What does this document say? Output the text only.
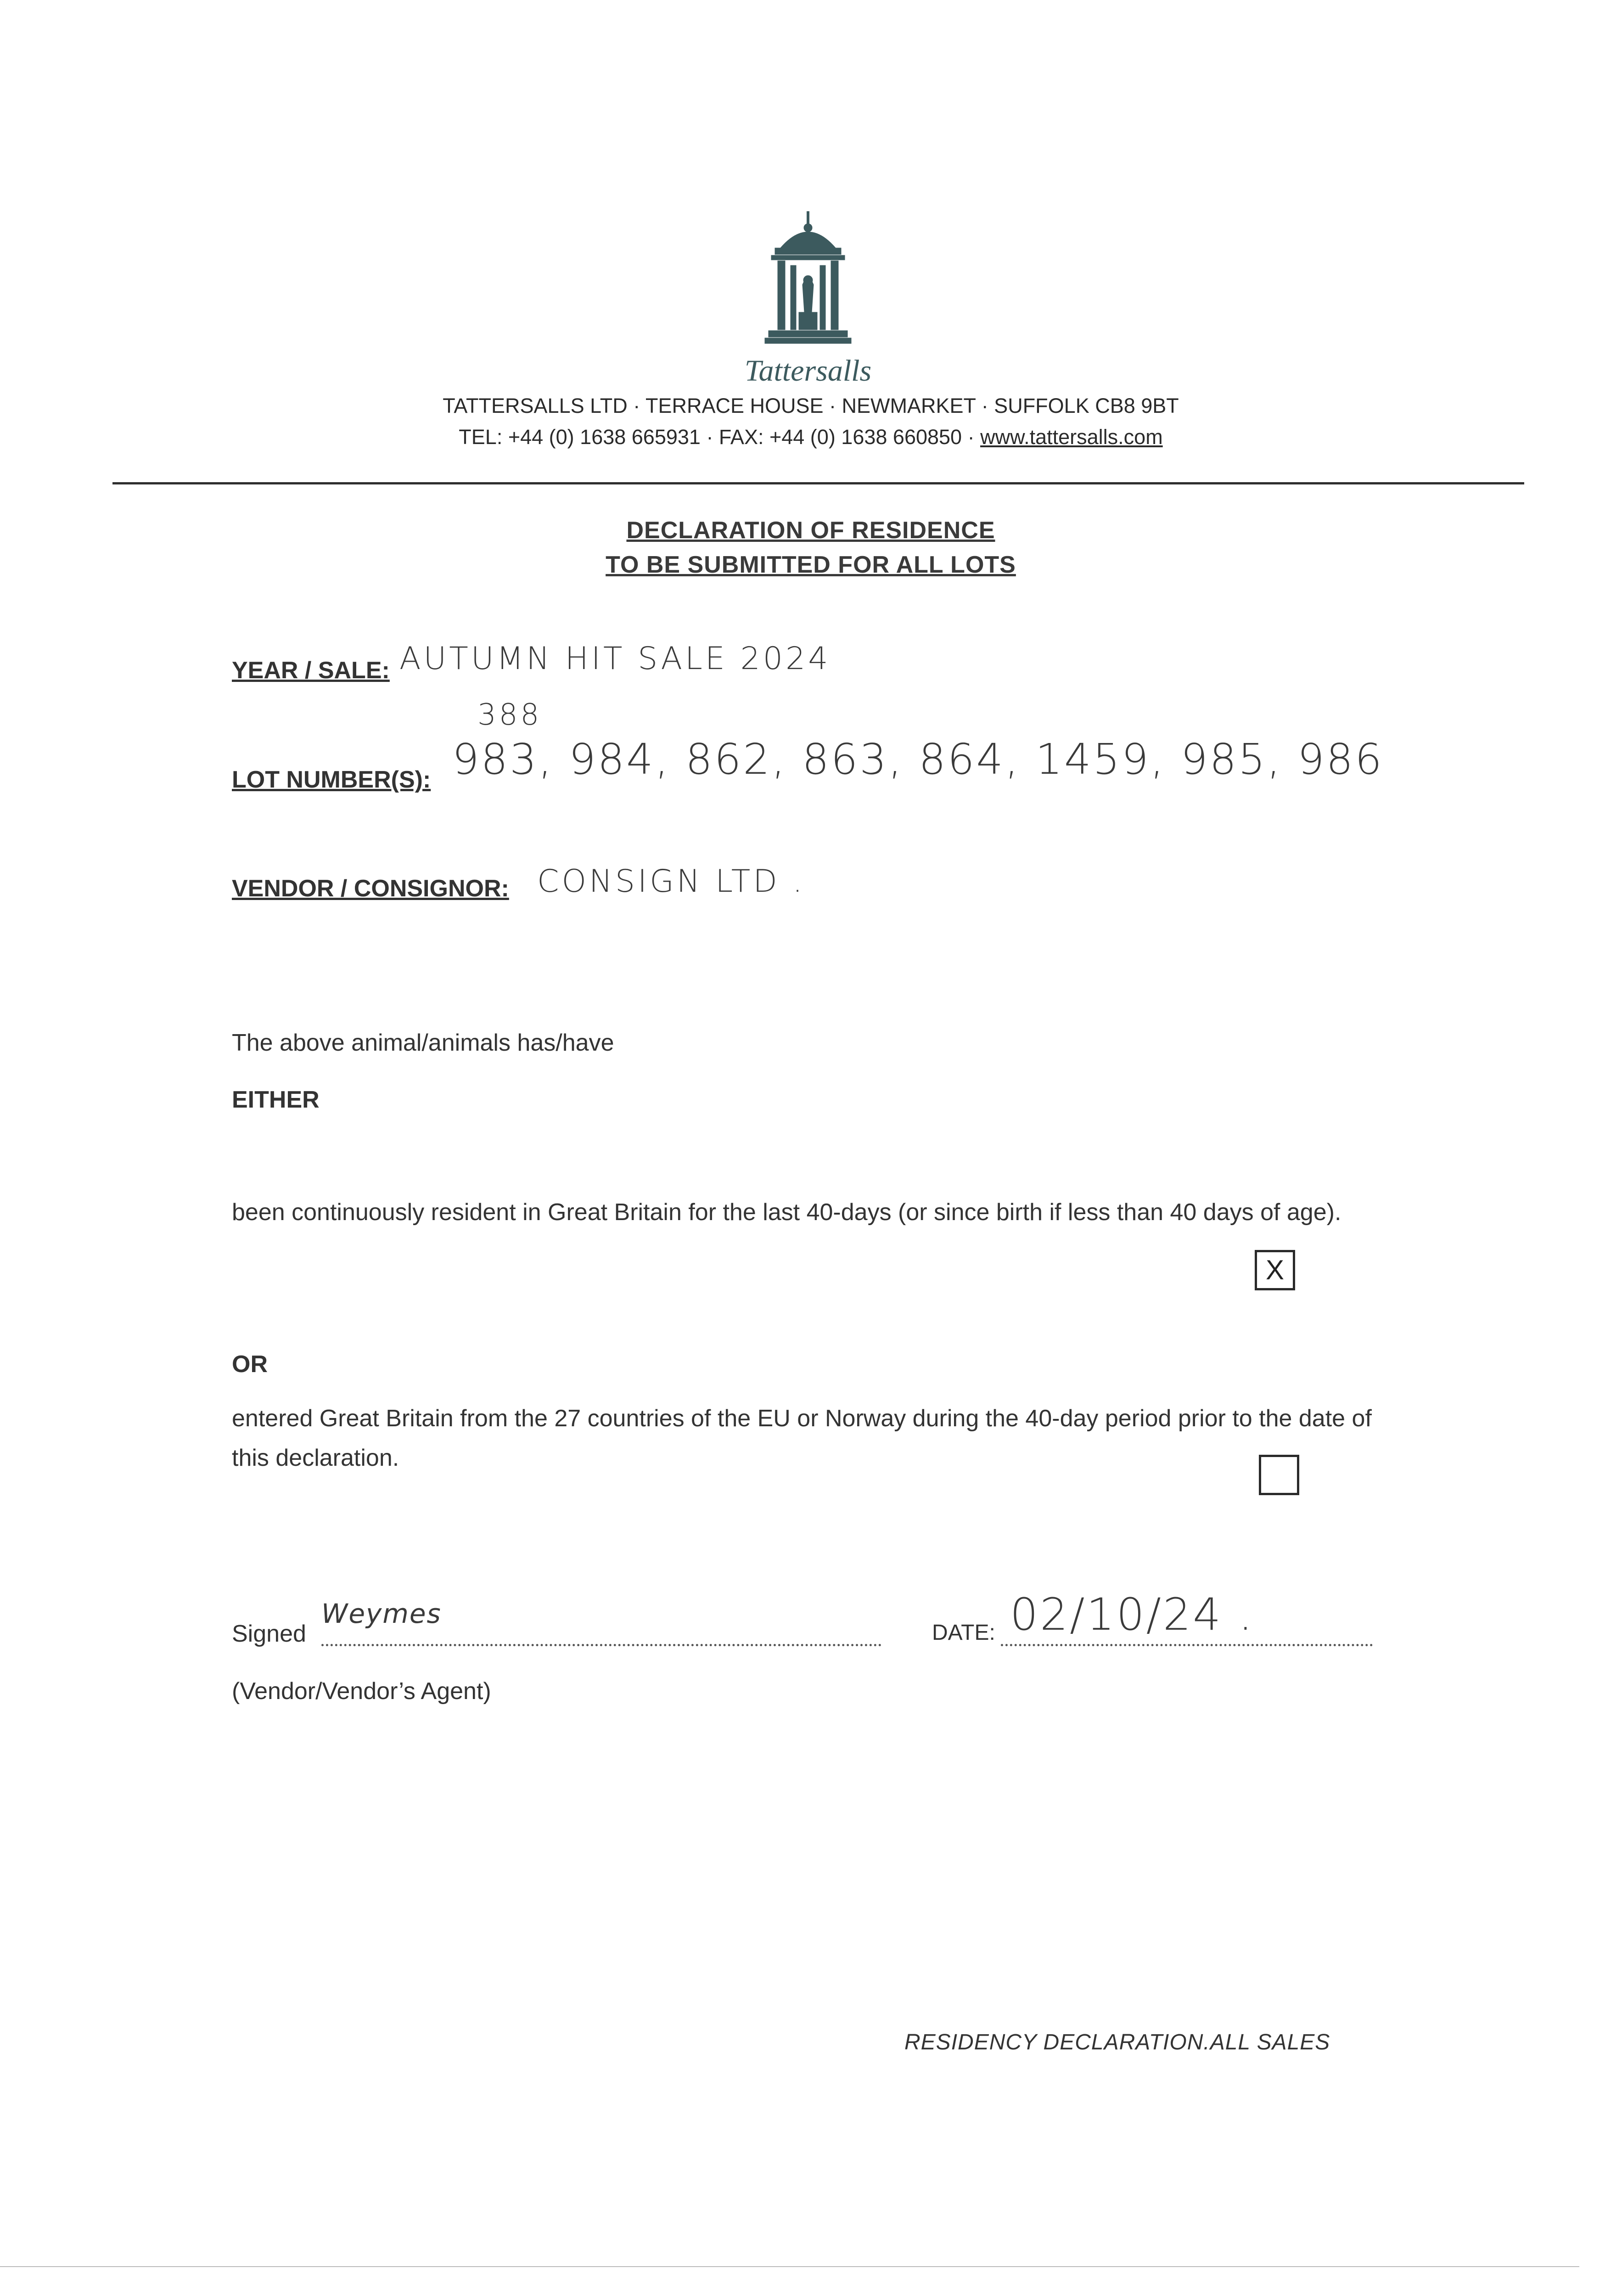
Tattersalls
TATTERSALLS LTD · TERRACE HOUSE · NEWMARKET · SUFFOLK CB8 9BT
TEL: +44 (0) 1638 665931 · FAX: +44 (0) 1638 660850 · www.tattersalls.com
DECLARATION OF RESIDENCE
TO BE SUBMITTED FOR ALL LOTS
YEAR / SALE: AUTUMN HIT SALE 2024
388
LOT NUMBER(S): 983, 984, 862, 863, 864, 1459, 985, 986
VENDOR / CONSIGNOR: CONSIGN LTD .
The above animal/animals has/have
EITHER
been continuously resident in Great Britain for the last 40-days (or since birth if less than 40 days of age).
X
OR
entered Great Britain from the 27 countries of the EU or Norway during the 40-day period prior to the date of this declaration.
Signed
Weymes
(Vendor/Vendor’s Agent)
DATE: 02/10/24 .
RESIDENCY DECLARATION.ALL SALES
